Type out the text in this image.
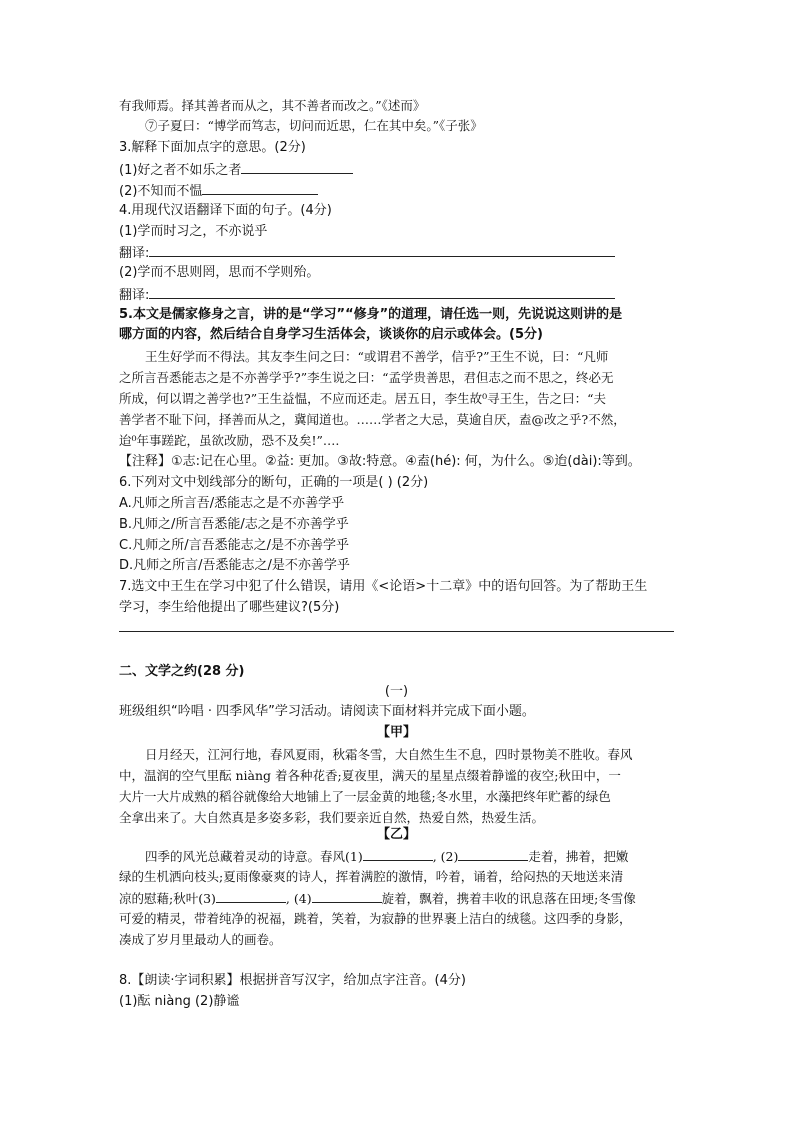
有我师焉。择其善者而从之，其不善者而改之。”《述而》
⑦子夏曰：“博学而笃志，切问而近思，仁在其中矣。”《子张》
3.解释下面加点字的意思。(2分)
(1)好之者不如乐之者
(2)不知而不愠
4.用现代汉语翻译下面的句子。(4分)
(1)学而时习之，不亦说乎
翻译:
(2)学而不思则罔，思而不学则殆。
翻译:
5.本文是儒家修身之言，讲的是“学习”“修身”的道理，请任选一则，先说说这则讲的是
哪方面的内容，然后结合自身学习生活体会，谈谈你的启示或体会。(5分)
王生好学而不得法。其友李生问之曰：“或谓君不善学，信乎?”王生不说，曰：“凡师
之所言吾悉能志之是不亦善学乎?”李生说之曰：“孟学贵善思，君但志之而不思之，终必无
所成，何以谓之善学也?”王生益愠，不应而还走。居五日，李生故⁰寻王生，告之曰：“夫
善学者不耻下问，择善而从之，冀闻道也。……学者之大忌，莫逾自厌，盍@改之乎?不然，
迨⁰年事蹉跎，虽欲改励，恐不及矣!”….
【注释】①志:记在心里。②益: 更加。③故:特意。④盍(hé): 何，为什么。⑤迨(dài):等到。
6.下列对文中划线部分的断句，正确的一项是( ) (2分)
A.凡师之所言吾/悉能志之是不亦善学乎
B.凡师之/所言吾悉能/志之是不亦善学乎
C.凡师之所/言吾悉能志之/是不亦善学乎
D.凡师之所言/吾悉能志之/是不亦善学乎
7.选文中王生在学习中犯了什么错误，请用《<论语>十二章》中的语句回答。为了帮助王生
学习，李生给他提出了哪些建议?(5分)
二、文学之约(28 分)
(一)
班级组织“吟唱 · 四季风华”学习活动。请阅读下面材料并完成下面小题。
【甲】
日月经天，江河行地，春风夏雨，秋霜冬雪，大自然生生不息，四时景物美不胜收。春风
中，温润的空气里酝 niàng 着各种花香;夏夜里，满天的星星点缀着静谧的夜空;秋田中，一
大片一大片成熟的稻谷就像给大地铺上了一层金黄的地毯;冬水里，水藻把终年贮蓄的绿色
全拿出来了。大自然真是多姿多彩，我们要亲近自然，热爱自然，热爱生活。
【乙】
四季的风光总藏着灵动的诗意。春风(1)	, (2)	走着，拂着，把嫩
绿的生机洒向枝头;夏雨像豪爽的诗人，挥着满腔的激情，吟着，诵着，给闷热的天地送来清
凉的慰藉;秋叶(3)	, (4)	旋着，飘着，携着丰收的讯息落在田埂;冬雪像
可爱的精灵，带着纯净的祝福，跳着，笑着，为寂静的世界裹上洁白的绒毯。这四季的身影，
凑成了岁月里最动人的画卷。
8.【朗读·字词积累】根据拼音写汉字，给加点字注音。(4分)
(1)酝 niàng (2)静谧
